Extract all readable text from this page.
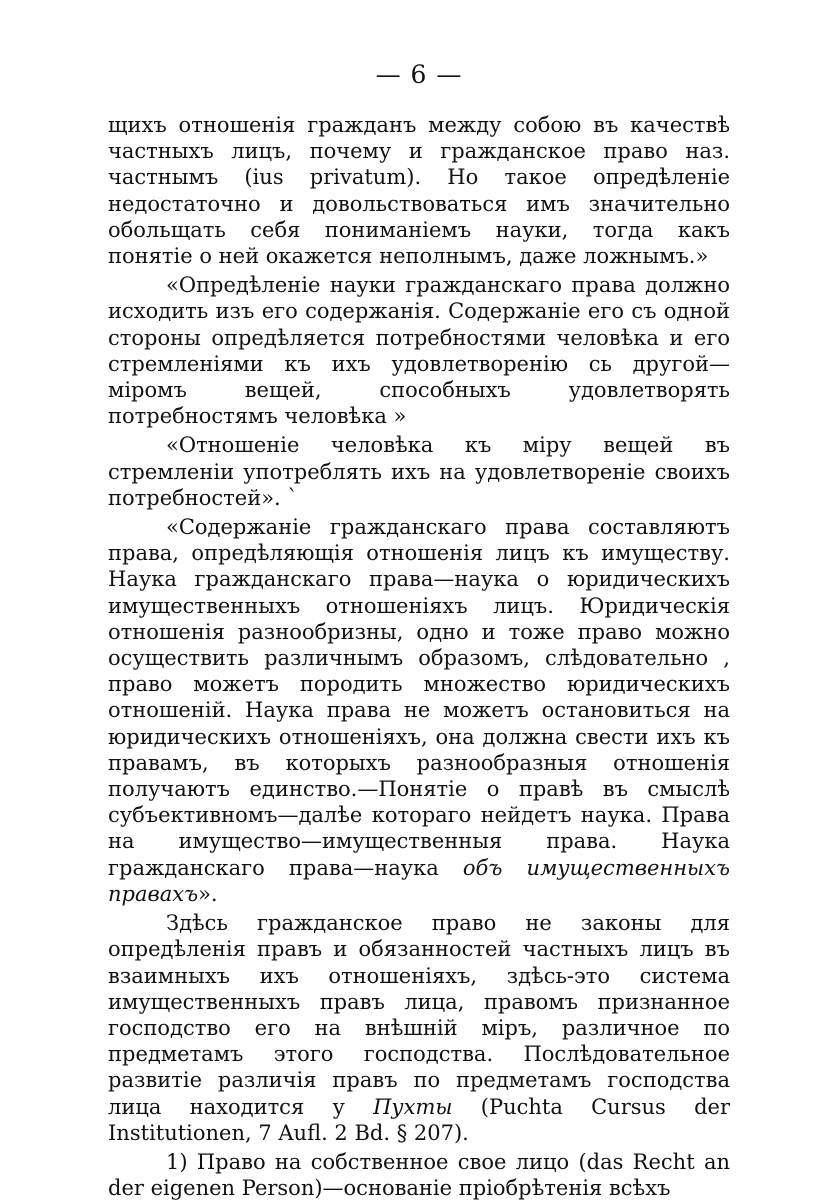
— 6 —

щихъ отношенія гражданъ между собою въ качествѣ частныхъ лицъ, почему и гражданское право наз. частнымъ (ius privatum). Но такое опредѣленіе недостаточно и довольствоваться имъ значительно обольщать себя пониманіемъ науки, тогда какъ понятіе о ней окажется неполнымъ, даже ложнымъ.»

«Опредѣленіе науки гражданскаго права должно исходить изъ его содержанія. Содержаніе его съ одной стороны опредѣляется потребностями человѣка и его стремленіями къ ихъ удовлетворенію сь другой—міромъ вещей, способныхъ удовлетворять потребностямъ человѣка »

«Отношеніе человѣка къ міру вещей въ стремленіи употреблять ихъ на удовлетвореніе своихъ потребностей». `

«Содержаніе гражданскаго права составляютъ права, опредѣляющія отношенія лицъ къ имуществу. Наука гражданскаго права—наука о юридическихъ имущественныхъ отношеніяхъ лицъ. Юридическія отношенія разнообризны, одно и тоже право можно осуществить различнымъ образомъ, слѣдовательно , право можетъ породить множество юридическихъ отношеній. Наука права не можетъ остановиться на юридическихъ отношеніяхъ, она должна свести ихъ къ правамъ, въ которыхъ разнообразныя отношенія получаютъ единство.—Понятіе о правѣ въ смыслѣ субъективномъ—далѣе котораго нейдетъ наука. Права на имущество—имущественныя права. Наука гражданскаго права—наука объ имущественныхъ правахъ».

Здѣсь гражданское право не законы для опредѣленія правъ и обязанностей частныхъ лицъ въ взаимныхъ ихъ отношеніяхъ, здѣсь-это система имущественныхъ правъ лица, правомъ признанное господство его на внѣшній міръ, различное по предметамъ этого господства. Послѣдовательное развитіе различія правъ по предметамъ господства лица находится у Пухты (Puchta Cursus der Institutionen, 7 Aufl. 2 Bd. § 207).

1) Право на собственное свое лицо (das Recht an der eigenen Person)—основаніе пріобрѣтенія всѣхъ
